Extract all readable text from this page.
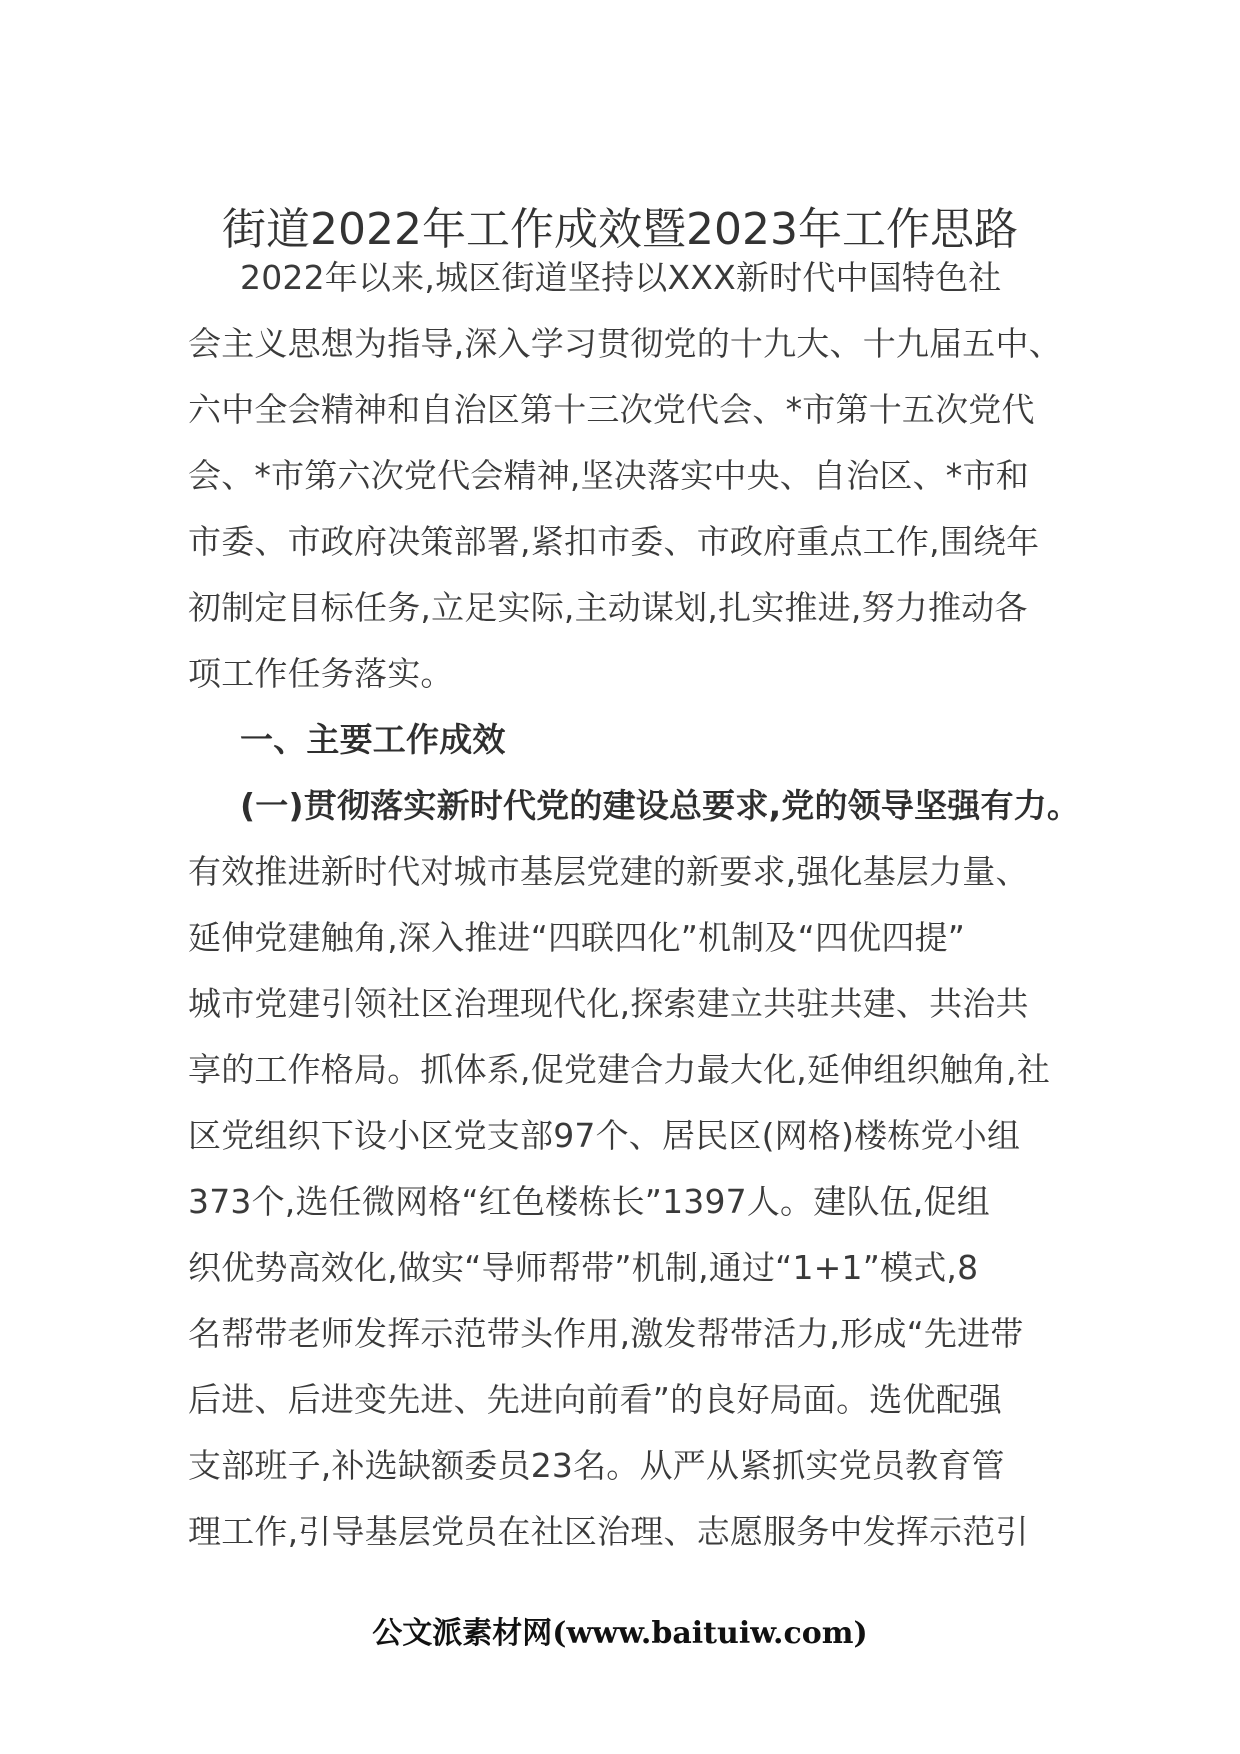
街道2022年工作成效暨2023年工作思路

2022年以来,城区街道坚持以XXX新时代中国特色社
会主义思想为指导,深入学习贯彻党的十九大、十九届五中、
六中全会精神和自治区第十三次党代会、*市第十五次党代
会、*市第六次党代会精神,坚决落实中央、自治区、*市和
市委、市政府决策部署,紧扣市委、市政府重点工作,围绕年
初制定目标任务,立足实际,主动谋划,扎实推进,努力推动各
项工作任务落实。

一、主要工作成效

(一)贯彻落实新时代党的建设总要求,党的领导坚强有力。
有效推进新时代对城市基层党建的新要求,强化基层力量、
延伸党建触角,深入推进“四联四化”机制及“四优四提”
城市党建引领社区治理现代化,探索建立共驻共建、共治共
享的工作格局。抓体系,促党建合力最大化,延伸组织触角,社
区党组织下设小区党支部97个、居民区(网格)楼栋党小组
373个,选任微网格“红色楼栋长”1397人。建队伍,促组
织优势高效化,做实“导师帮带”机制,通过“1+1”模式,8
名帮带老师发挥示范带头作用,激发帮带活力,形成“先进带
后进、后进变先进、先进向前看”的良好局面。选优配强
支部班子,补选缺额委员23名。从严从紧抓实党员教育管
理工作,引导基层党员在社区治理、志愿服务中发挥示范引

公文派素材网(www.baituiw.com)
